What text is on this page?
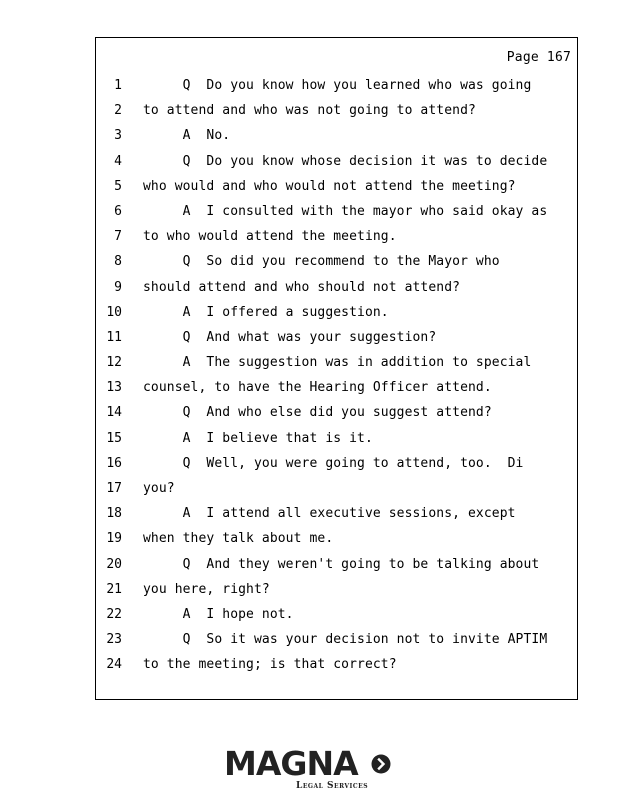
Page 167
1 Q  Do you know how you learned who was going
2 to attend and who was not going to attend?
3 A  No.
4 Q  Do you know whose decision it was to decide
5 who would and who would not attend the meeting?
6 A  I consulted with the mayor who said okay as
7 to who would attend the meeting.
8 Q  So did you recommend to the Mayor who
9 should attend and who should not attend?
10 A  I offered a suggestion.
11 Q  And what was your suggestion?
12 A  The suggestion was in addition to special
13 counsel, to have the Hearing Officer attend.
14 Q  And who else did you suggest attend?
15 A  I believe that is it.
16 Q  Well, you were going to attend, too.  Di
17 you?
18 A  I attend all executive sessions, except
19 when they talk about me.
20 Q  And they weren't going to be talking about
21 you here, right?
22 A  I hope not.
23 Q  So it was your decision not to invite APTIM
24 to the meeting; is that correct?
MAGNA
Legal Services
